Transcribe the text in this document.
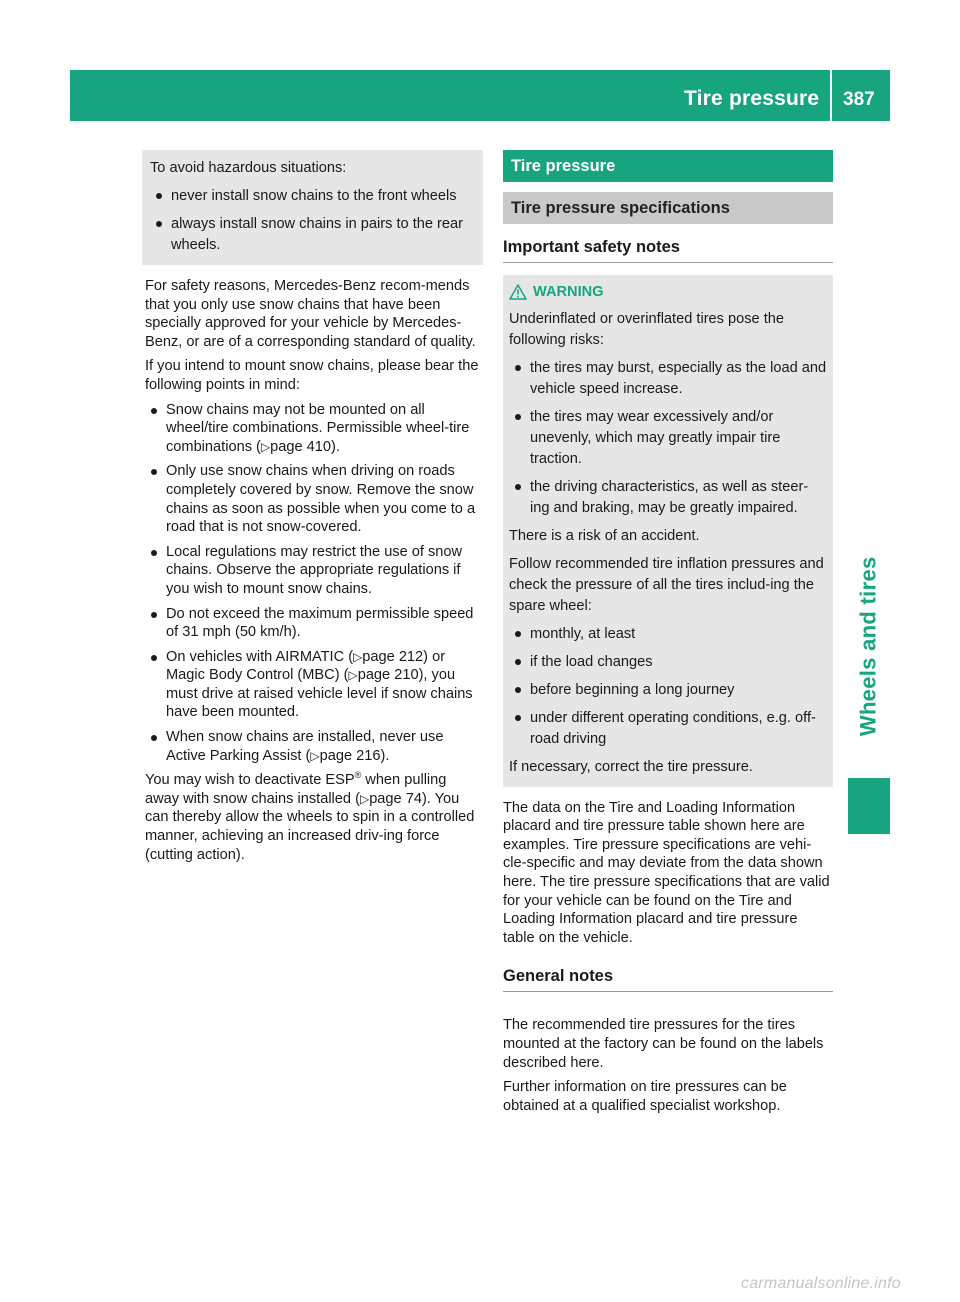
Tire pressure 387
Wheels and tires

To avoid hazardous situations:

never install snow chains to the front wheels
always install snow chains in pairs to the rear wheels.

For safety reasons, Mercedes-Benz recom-mends that you only use snow chains that have been specially approved for your vehicle by Mercedes-Benz, or are of a corresponding standard of quality.

If you intend to mount snow chains, please bear the following points in mind:

Snow chains may not be mounted on all wheel/tire combinations. Permissible wheel-tire combinations (▷page 410).
Only use snow chains when driving on roads completely covered by snow. Remove the snow chains as soon as possible when you come to a road that is not snow-covered.
Local regulations may restrict the use of snow chains. Observe the appropriate regulations if you wish to mount snow chains.
Do not exceed the maximum permissible speed of 31 mph (50 km/h).
On vehicles with AIRMATIC (▷page 212) or Magic Body Control (MBC) (▷page 210), you must drive at raised vehicle level if snow chains have been mounted.
When snow chains are installed, never use Active Parking Assist (▷page 216).

You may wish to deactivate ESP® when pulling away with snow chains installed (▷page 74). You can thereby allow the wheels to spin in a controlled manner, achieving an increased driv-ing force (cutting action).

Tire pressure
Tire pressure specifications
Important safety notes
WARNING

Underinflated or overinflated tires pose the following risks:

the tires may burst, especially as the load and vehicle speed increase.
the tires may wear excessively and/or unevenly, which may greatly impair tire traction.
the driving characteristics, as well as steer-ing and braking, may be greatly impaired.

There is a risk of an accident.

Follow recommended tire inflation pressures and check the pressure of all the tires includ-ing the spare wheel:

monthly, at least
if the load changes
before beginning a long journey
under different operating conditions, e.g. off-road driving

If necessary, correct the tire pressure.

The data on the Tire and Loading Information placard and tire pressure table shown here are examples. Tire pressure specifications are vehi-cle-specific and may deviate from the data shown here. The tire pressure specifications that are valid for your vehicle can be found on the Tire and Loading Information placard and tire pressure table on the vehicle.

General notes

The recommended tire pressures for the tires mounted at the factory can be found on the labels described here.

Further information on tire pressures can be obtained at a qualified specialist workshop.

carmanualsonline.info
